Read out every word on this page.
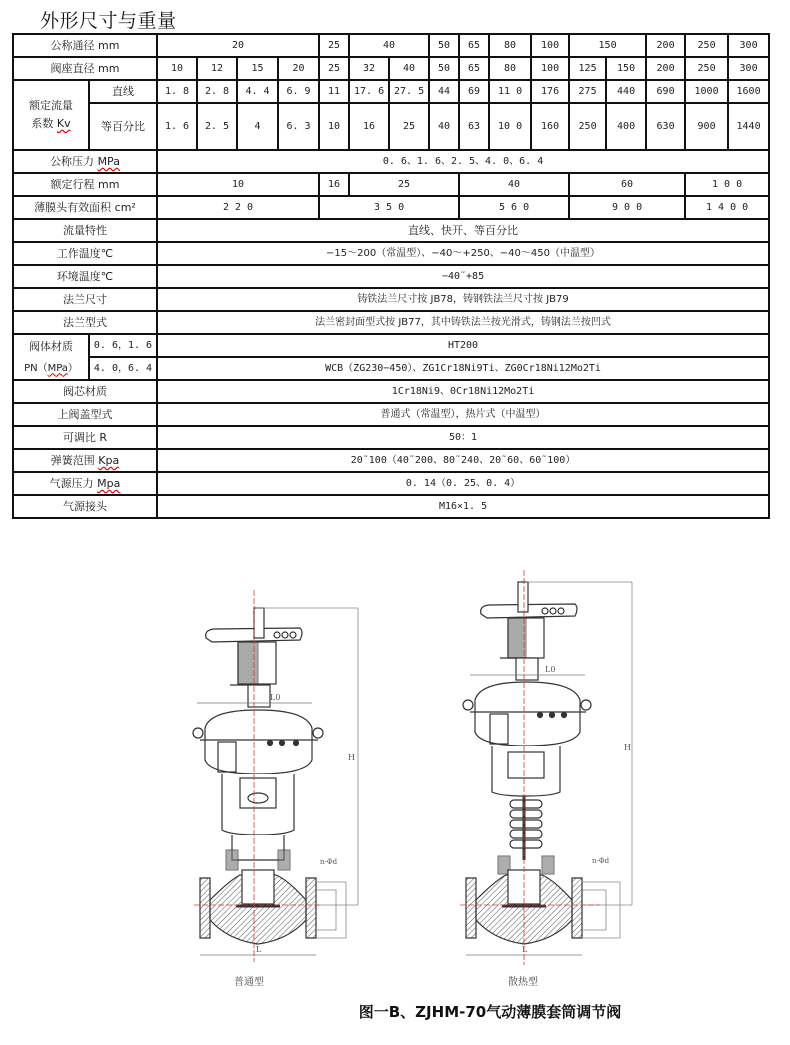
外形尺寸与重量
公称通径 mm		20				25	40		50	65	80	100	150		200	250	300
阀座直径 mm		10	12	15	20	25	32	40	50	65	80	100	125	150	200	250	300
额定流量
系数 Kv	直线	1. 8	2. 8	4. 4	6. 9	11	17. 6	27. 5	44	69	11 0	176	275	440	690	1000	1600
	等百分比	1. 6	2. 5	4	6. 3	10	16	25	40	63	10 0	160	250	400	630	900	1440
公称压力 MPa		0. 6、1. 6、2. 5、4. 0、6. 4															
额定行程 mm		10				16	25			40			60			1 0 0	
薄膜头有效面积 cm²		2 2 0				3 5 0				5 6 0			9 0 0			1 4 0 0	
流量特性		直线、快开、等百分比															
工作温度℃		−15～200（常温型）、−40～+250、−40～450（中温型）															
环境温度℃		−40˜+85															
法兰尺寸		铸铁法兰尺寸按 JB78，铸钢铁法兰尺寸按 JB79															
法兰型式		法兰密封面型式按 JB77，其中铸铁法兰按光滑式，铸钢法兰按凹式															
阀体材质	0. 6，1. 6	HT200															
PN（MPa）	4. 0，6. 4	WCB（ZG230−450）、ZG1Cr18Ni9Ti、ZG0Cr18Ni12Mo2Ti															
阀芯材质		1Cr18Ni9、0Cr18Ni12Mo2Ti															
上阀盖型式		普通式（常温型），热片式（中温型）															
可调比 R		50：1															
弹簧范围 Kpa		20˜100（40˜200、80˜240、20˜60、60˜100）															
气源压力 Mpa		0. 14（0. 25、0. 4）															
气源接头		M16×1. 5															
L0
L
H
n-Φd
L0
L
H
n-Φd
普通型	散热型
图一B、ZJHM-70气动薄膜套筒调节阀
